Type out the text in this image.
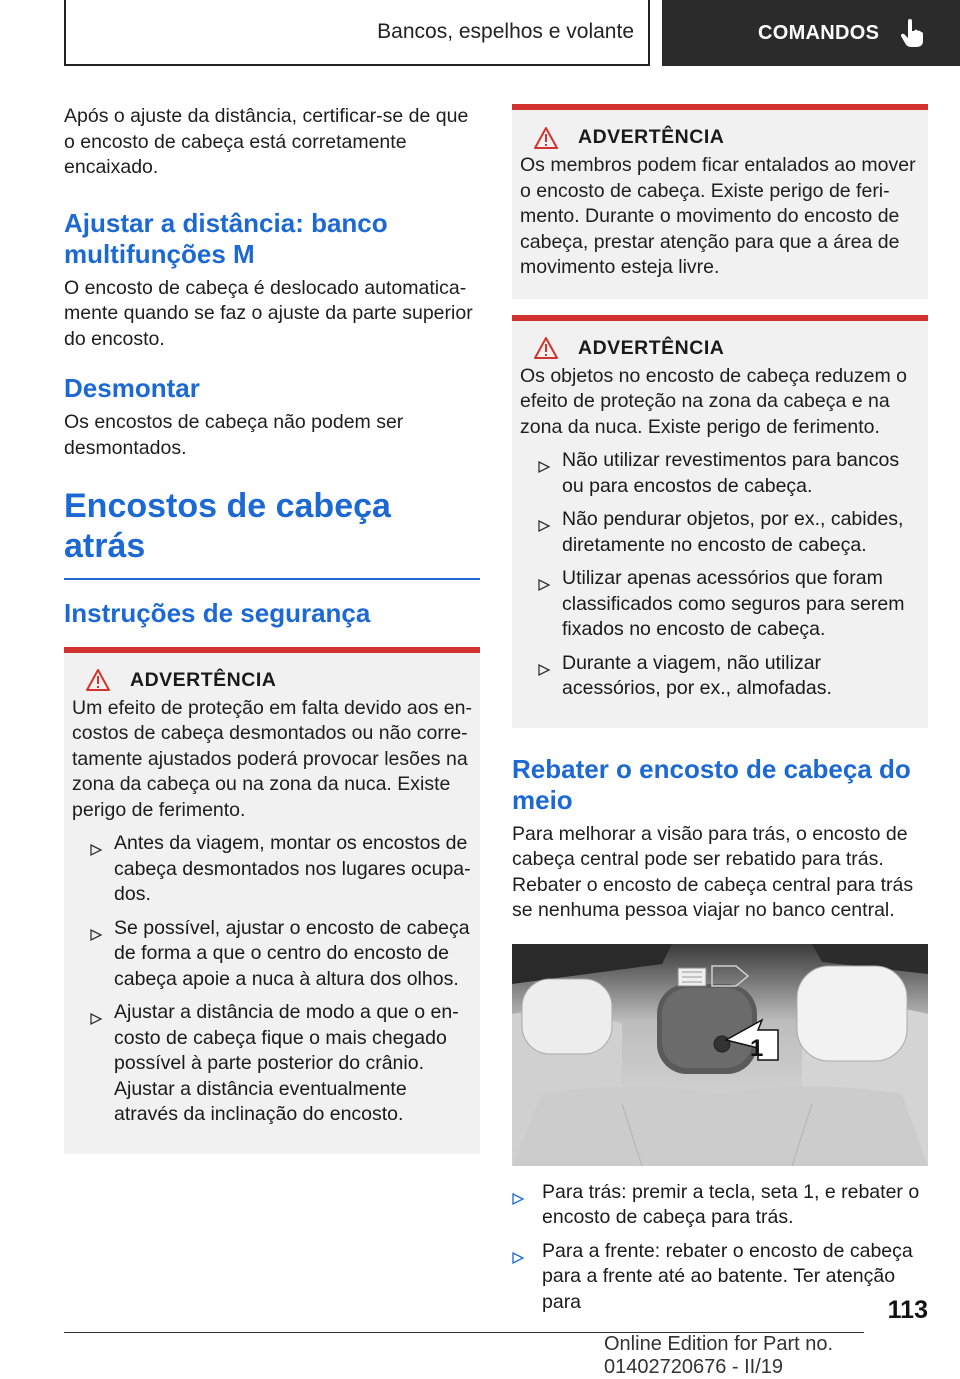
Bancos, espelhos e volante	COMANDOS

Após o ajuste da distância, certificar-se de que o encosto de cabeça está corretamente encaixado.

Ajustar a distância: banco multifunções M

O encosto de cabeça é deslocado automaticamente quando se faz o ajuste da parte superior do encosto.

Desmontar

Os encostos de cabeça não podem ser desmontados.

Encostos de cabeça atrás
Instruções de segurança
ADVERTÊNCIA

Um efeito de proteção em falta devido aos encostos de cabeça desmontados ou não corretamente ajustados poderá provocar lesões na zona da cabeça ou na zona da nuca. Existe perigo de ferimento.

Antes da viagem, montar os encostos de cabeça desmontados nos lugares ocupados.
Se possível, ajustar o encosto de cabeça de forma a que o centro do encosto de cabeça apoie a nuca à altura dos olhos.
Ajustar a distância de modo a que o encosto de cabeça fique o mais chegado possível à parte posterior do crânio. Ajustar a distância eventualmente através da inclinação do encosto.
ADVERTÊNCIA

Os membros podem ficar entalados ao mover o encosto de cabeça. Existe perigo de ferimento. Durante o movimento do encosto de cabeça, prestar atenção para que a área de movimento esteja livre.

ADVERTÊNCIA

Os objetos no encosto de cabeça reduzem o efeito de proteção na zona da cabeça e na zona da nuca. Existe perigo de ferimento.

Não utilizar revestimentos para bancos ou para encostos de cabeça.
Não pendurar objetos, por ex., cabides, diretamente no encosto de cabeça.
Utilizar apenas acessórios que foram classificados como seguros para serem fixados no encosto de cabeça.
Durante a viagem, não utilizar acessórios, por ex., almofadas.
Rebater o encosto de cabeça do meio

Para melhorar a visão para trás, o encosto de cabeça central pode ser rebatido para trás. Rebater o encosto de cabeça central para trás se nenhuma pessoa viajar no banco central.

1
Para trás: premir a tecla, seta 1, e rebater o encosto de cabeça para trás.
Para a frente: rebater o encosto de cabeça para a frente até ao batente. Ter atenção para	113
Online Edition for Part no. 01402720676 - II/19
